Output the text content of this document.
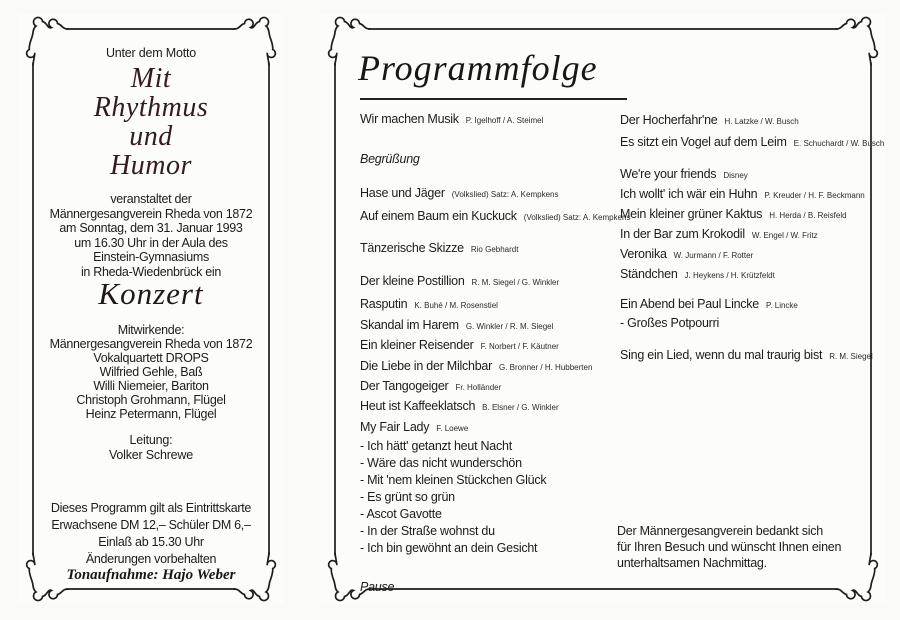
Unter dem Motto
Mit
Rhythmus
und
Humor
veranstaltet der
Männergesangverein Rheda von 1872
am Sonntag, dem 31. Januar 1993
um 16.30 Uhr in der Aula des
Einstein-Gymnasiums
in Rheda-Wiedenbrück ein
Konzert
Mitwirkende:
Männergesangverein Rheda von 1872
Vokalquartett DROPS
Wilfried Gehle, Baß
Willi Niemeier, Bariton
Christoph Grohmann, Flügel
Heinz Petermann, Flügel
Leitung:
Volker Schrewe
Dieses Programm gilt als Eintrittskarte
Erwachsene DM 12,– Schüler DM 6,–
Einlaß ab 15.30 Uhr
Änderungen vorbehalten
Tonaufnahme: Hajo Weber
Programmfolge
Wir machen Musik P. Igelhoff / A. Steimel
Begrüßung
Hase und Jäger (Volkslied) Satz: A. Kempkens
Auf einem Baum ein Kuckuck (Volkslied) Satz: A. Kempkens
Tänzerische Skizze Rio Gebhardt
Der kleine Postillion R. M. Siegel / G. Winkler
Rasputin K. Buhé / M. Rosenstiel
Skandal im Harem G. Winkler / R. M. Siegel
Ein kleiner Reisender F. Norbert / F. Käutner
Die Liebe in der Milchbar G. Bronner / H. Hubberten
Der Tangogeiger Fr. Holländer
Heut ist Kaffeeklatsch B. Elsner / G. Winkler
My Fair Lady F. Loewe
- Ich hätt' getanzt heut Nacht
- Wäre das nicht wunderschön
- Mit 'nem kleinen Stückchen Glück
- Es grünt so grün
- Ascot Gavotte
- In der Straße wohnst du
- Ich bin gewöhnt an dein Gesicht
Pause
Der Hocherfahr'ne H. Latzke / W. Busch
Es sitzt ein Vogel auf dem Leim E. Schuchardt / W. Busch
We're your friends Disney
Ich wollt' ich wär ein Huhn P. Kreuder / H. F. Beckmann
Mein kleiner grüner Kaktus H. Herda / B. Reisfeld
In der Bar zum Krokodil W. Engel / W. Fritz
Veronika W. Jurmann / F. Rotter
Ständchen J. Heykens / H. Krützfeldt
Ein Abend bei Paul Lincke P. Lincke
- Großes Potpourri
Sing ein Lied, wenn du mal traurig bist R. M. Siegel
Der Männergesangverein bedankt sich
für Ihren Besuch und wünscht Ihnen einen
unterhaltsamen Nachmittag.
